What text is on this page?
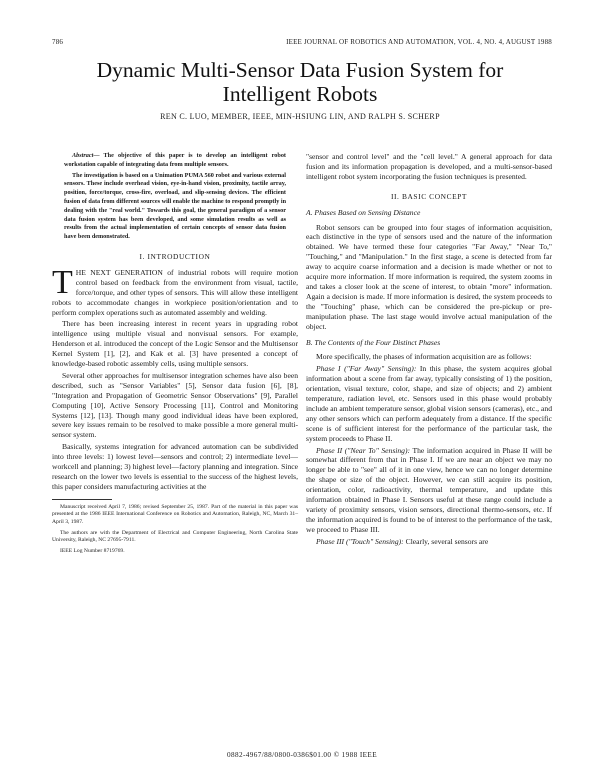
786	IEEE JOURNAL OF ROBOTICS AND AUTOMATION, VOL. 4, NO. 4, AUGUST 1988
Dynamic Multi-Sensor Data Fusion System for
Intelligent Robots
REN C. LUO, MEMBER, IEEE, MIN-HSIUNG LIN, AND RALPH S. SCHERP

Abstract— The objective of this paper is to develop an intelligent robot workstation capable of integrating data from multiple sensors.

The investigation is based on a Unimation PUMA 560 robot and various external sensors. These include overhead vision, eye-in-hand vision, proximity, tactile array, position, force/torque, cross-fire, overload, and slip-sensing devices. The efficient fusion of data from different sources will enable the machine to respond promptly in dealing with the "real world." Towards this goal, the general paradigm of a sensor data fusion system has been developed, and some simulation results as well as results from the actual implementation of certain concepts of sensor data fusion have been demonstrated.

I. INTRODUCTION

THE NEXT GENERATION of industrial robots will require motion control based on feedback from the environment from visual, tactile, force/torque, and other types of sensors. This will allow these intelligent robots to accommodate changes in workpiece position/orientation and to perform complex operations such as automated assembly and welding.

There has been increasing interest in recent years in upgrading robot intelligence using multiple visual and nonvisual sensors. For example, Henderson et al. introduced the concept of the Logic Sensor and the Multisensor Kernel System [1], [2], and Kak et al. [3] have presented a concept of knowledge-based robotic assembly cells, using multiple sensors.

Several other approaches for multisensor integration schemes have also been described, such as "Sensor Variables" [5], Sensor data fusion [6], [8], "Integration and Propagation of Geometric Sensor Observations" [9], Parallel Computing [10], Active Sensory Processing [11], Control and Monitoring Systems [12], [13]. Though many good individual ideas have been explored, severe key issues remain to be resolved to make possible a more general multi-sensor system.

Basically, systems integration for advanced automation can be subdivided into three levels: 1) lowest level—sensors and control; 2) intermediate level—workcell and planning; 3) highest level—factory planning and integration. Since research on the lower two levels is essential to the success of the highest levels, this paper considers manufacturing activities at the

Manuscript received April 7, 1986; revised September 25, 1987. Part of the material in this paper was presented at the 1986 IEEE International Conference on Robotics and Automation, Raleigh, NC, March 31–April 3, 1987.

The authors are with the Department of Electrical and Computer Engineering, North Carolina State University, Raleigh, NC 27695-7911.

IEEE Log Number 8719769.

"sensor and control level" and the "cell level." A general approach for data fusion and its information propagation is developed, and a multi-sensor-based intelligent robot system incorporating the fusion techniques is presented.

II. BASIC CONCEPT
A. Phases Based on Sensing Distance

Robot sensors can be grouped into four stages of information acquisition, each distinctive in the type of sensors used and the nature of the information obtained. We have termed these four categories "Far Away," "Near To," "Touching," and "Manipulation." In the first stage, a scene is detected from far away to acquire coarse information and a decision is made whether or not to acquire more information. If more information is required, the system zooms in and takes a closer look at the scene of interest, to obtain "more" information. Again a decision is made. If more information is desired, the system proceeds to the "Touching" phase, which can be considered the pre-pickup or pre-manipulation phase. The last stage would involve actual manipulation of the object.

B. The Contents of the Four Distinct Phases

More specifically, the phases of information acquisition are as follows:

Phase I ("Far Away" Sensing): In this phase, the system acquires global information about a scene from far away, typically consisting of 1) the position, orientation, visual texture, color, shape, and size of objects; and 2) ambient temperature, radiation level, etc. Sensors used in this phase would probably include an ambient temperature sensor, global vision sensors (cameras), etc., and any other sensors which can perform adequately from a distance. If the specific scene is of sufficient interest for the performance of the particular task, the system proceeds to Phase II.

Phase II ("Near To" Sensing): The information acquired in Phase II will be somewhat different from that in Phase I. If we are near an object we may no longer be able to "see" all of it in one view, hence we can no longer determine the shape or size of the object. However, we can still acquire its position, orientation, color, radioactivity, thermal temperature, and update this information obtained in Phase I. Sensors useful at these range could include a variety of proximity sensors, vision sensors, directional thermo-sensors, etc. If the information acquired is found to be of interest to the performance of the task, we proceed to Phase III.

Phase III ("Touch" Sensing): Clearly, several sensors are

0882-4967/88/0800-0386$01.00 © 1988 IEEE
